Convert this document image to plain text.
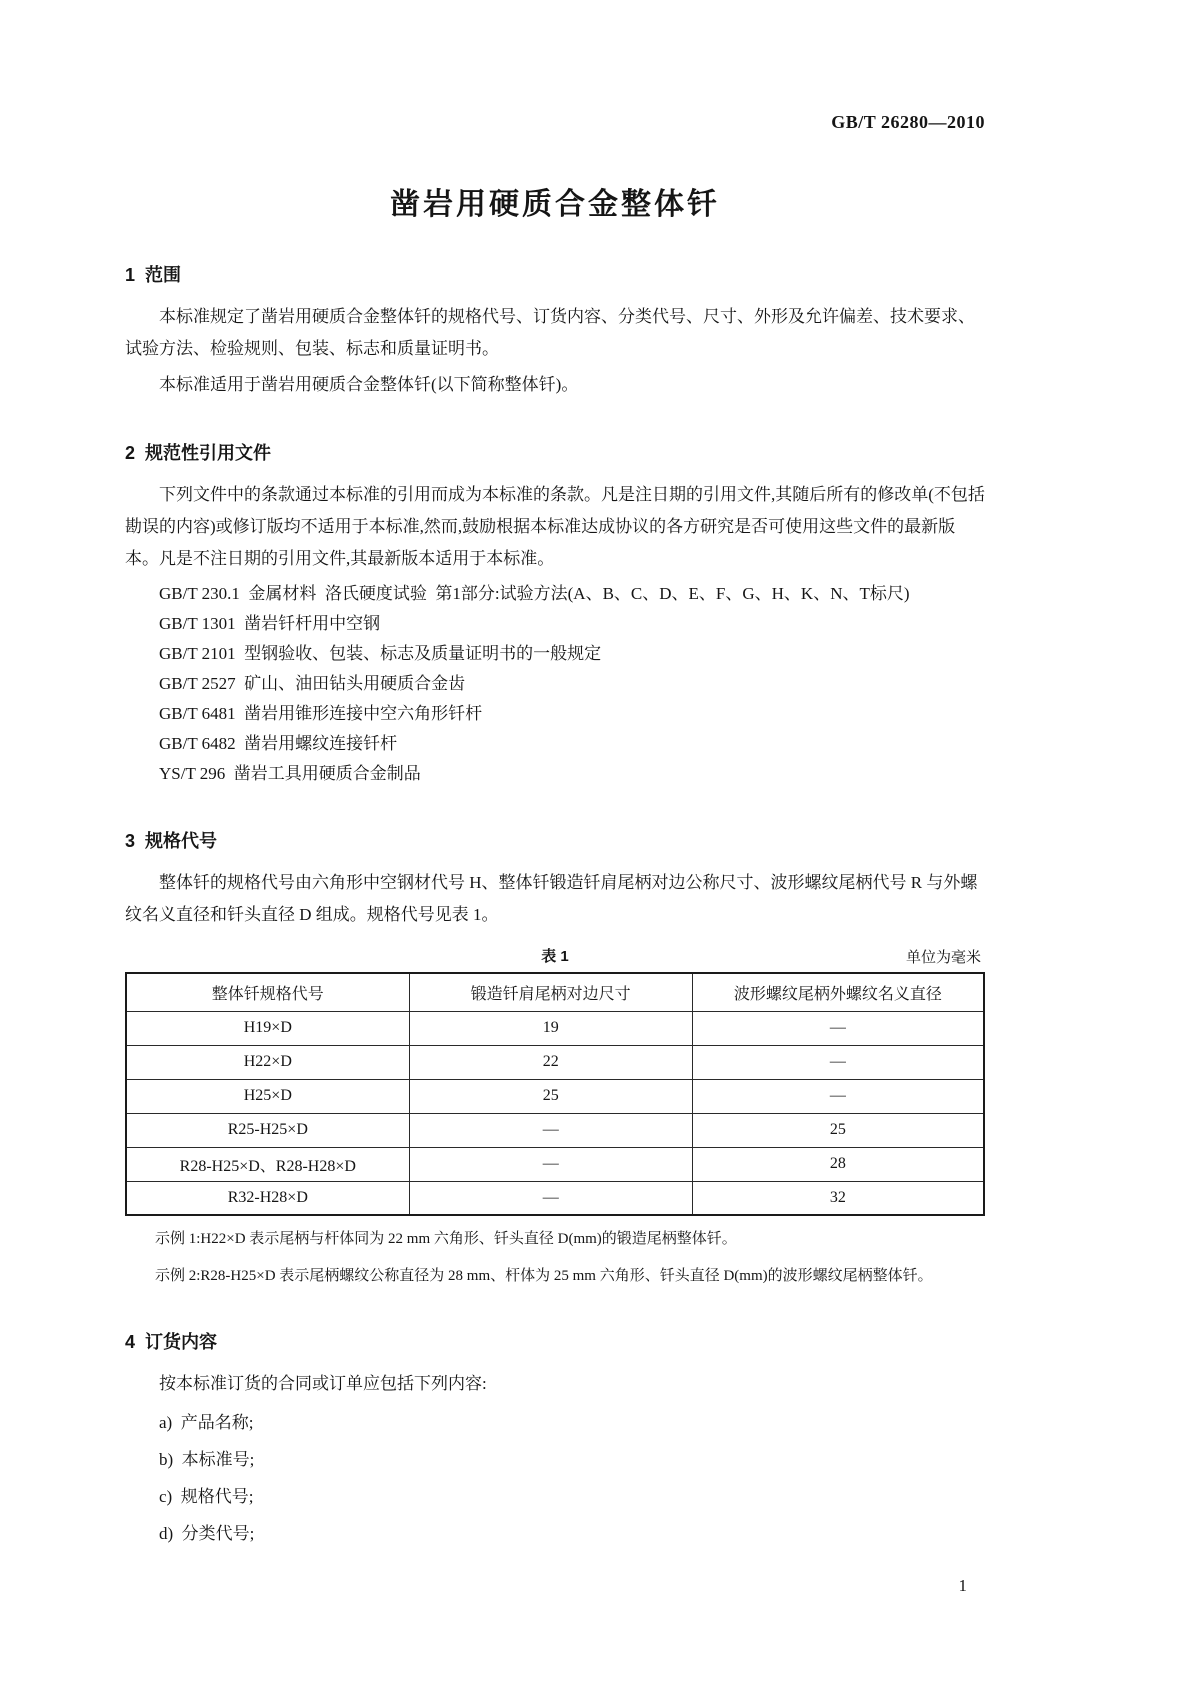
GB/T 26280—2010
凿岩用硬质合金整体钎
1  范围

本标准规定了凿岩用硬质合金整体钎的规格代号、订货内容、分类代号、尺寸、外形及允许偏差、技术要求、试验方法、检验规则、包装、标志和质量证明书。

本标准适用于凿岩用硬质合金整体钎(以下简称整体钎)。

2  规范性引用文件

下列文件中的条款通过本标准的引用而成为本标准的条款。凡是注日期的引用文件,其随后所有的修改单(不包括勘误的内容)或修订版均不适用于本标准,然而,鼓励根据本标准达成协议的各方研究是否可使用这些文件的最新版本。凡是不注日期的引用文件,其最新版本适用于本标准。

GB/T 230.1  金属材料  洛氏硬度试验  第1部分:试验方法(A、B、C、D、E、F、G、H、K、N、T标尺)
GB/T 1301  凿岩钎杆用中空钢
GB/T 2101  型钢验收、包装、标志及质量证明书的一般规定
GB/T 2527  矿山、油田钻头用硬质合金齿
GB/T 6481  凿岩用锥形连接中空六角形钎杆
GB/T 6482  凿岩用螺纹连接钎杆
YS/T 296  凿岩工具用硬质合金制品
3  规格代号

整体钎的规格代号由六角形中空钢材代号 H、整体钎锻造钎肩尾柄对边公称尺寸、波形螺纹尾柄代号 R 与外螺纹名义直径和钎头直径 D 组成。规格代号见表 1。

表 1	单位为毫米
整体钎规格代号	锻造钎肩尾柄对边尺寸	波形螺纹尾柄外螺纹名义直径
H19×D	19	—
H22×D	22	—
H25×D	25	—
R25-H25×D	—	25
R28-H25×D、R28-H28×D	—	28
R32-H28×D	—	32

示例 1:H22×D 表示尾柄与杆体同为 22 mm 六角形、钎头直径 D(mm)的锻造尾柄整体钎。

示例 2:R28-H25×D 表示尾柄螺纹公称直径为 28 mm、杆体为 25 mm 六角形、钎头直径 D(mm)的波形螺纹尾柄整体钎。

4  订货内容

按本标准订货的合同或订单应包括下列内容:

a)  产品名称;
b)  本标准号;
c)  规格代号;
d)  分类代号;
1
